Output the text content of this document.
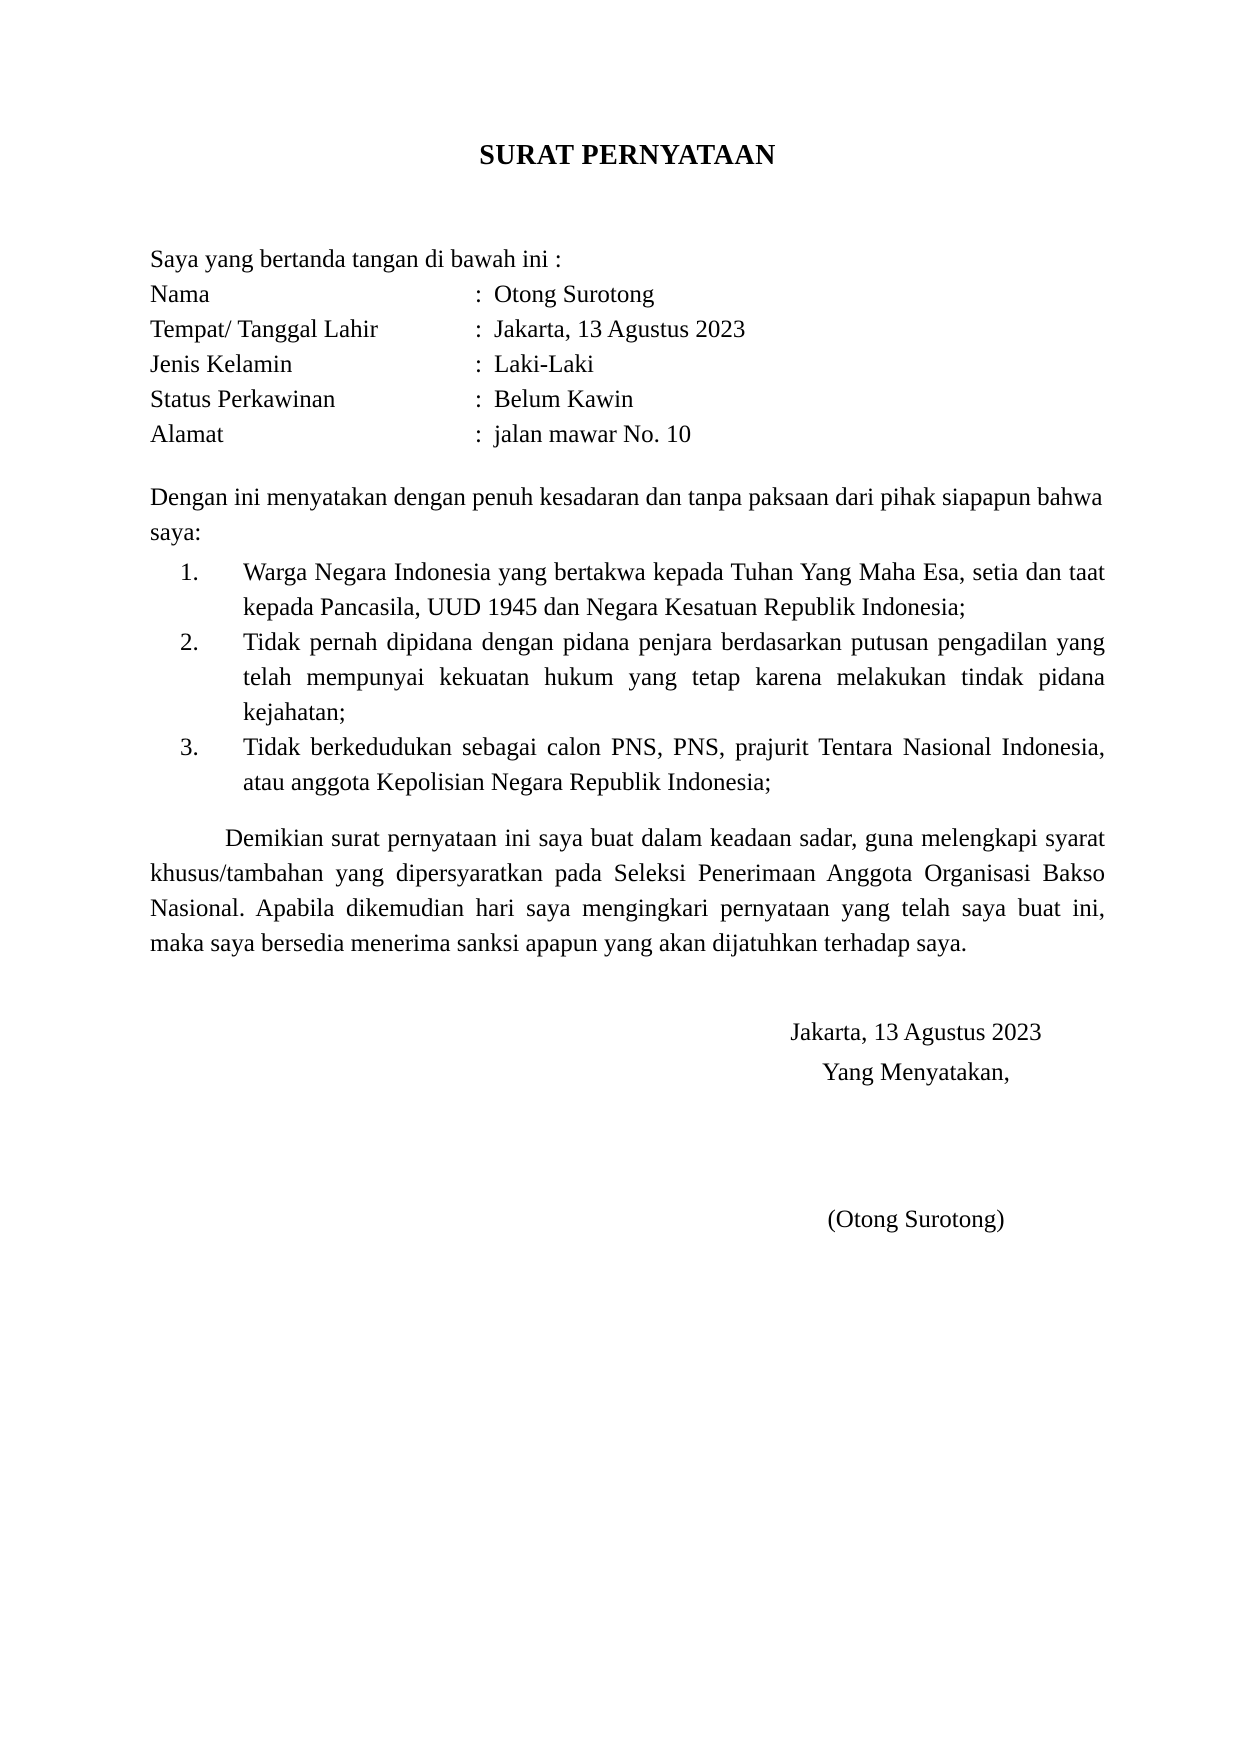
SURAT PERNYATAAN

Saya yang bertanda tangan di bawah ini :

Nama	: Otong Surotong
Tempat/ Tanggal Lahir	: Jakarta, 13 Agustus 2023
Jenis Kelamin	: Laki-Laki
Status Perkawinan	: Belum Kawin
Alamat	: jalan mawar No. 10

Dengan ini menyatakan dengan penuh kesadaran dan tanpa paksaan dari pihak siapapun bahwa saya:

1. Warga Negara Indonesia yang bertakwa kepada Tuhan Yang Maha Esa, setia dan taat kepada Pancasila, UUD 1945 dan Negara Kesatuan Republik Indonesia;
2. Tidak pernah dipidana dengan pidana penjara berdasarkan putusan pengadilan yang telah mempunyai kekuatan hukum yang tetap karena melakukan tindak pidana kejahatan;
3. Tidak berkedudukan sebagai calon PNS, PNS, prajurit Tentara Nasional Indonesia, atau anggota Kepolisian Negara Republik Indonesia;

Demikian surat pernyataan ini saya buat dalam keadaan sadar, guna melengkapi syarat khusus/tambahan yang dipersyaratkan pada Seleksi Penerimaan Anggota Organisasi Bakso Nasional. Apabila dikemudian hari saya mengingkari pernyataan yang telah saya buat ini, maka saya bersedia menerima sanksi apapun yang akan dijatuhkan terhadap saya.

Jakarta, 13 Agustus 2023
Yang Menyatakan,
(Otong Surotong)
